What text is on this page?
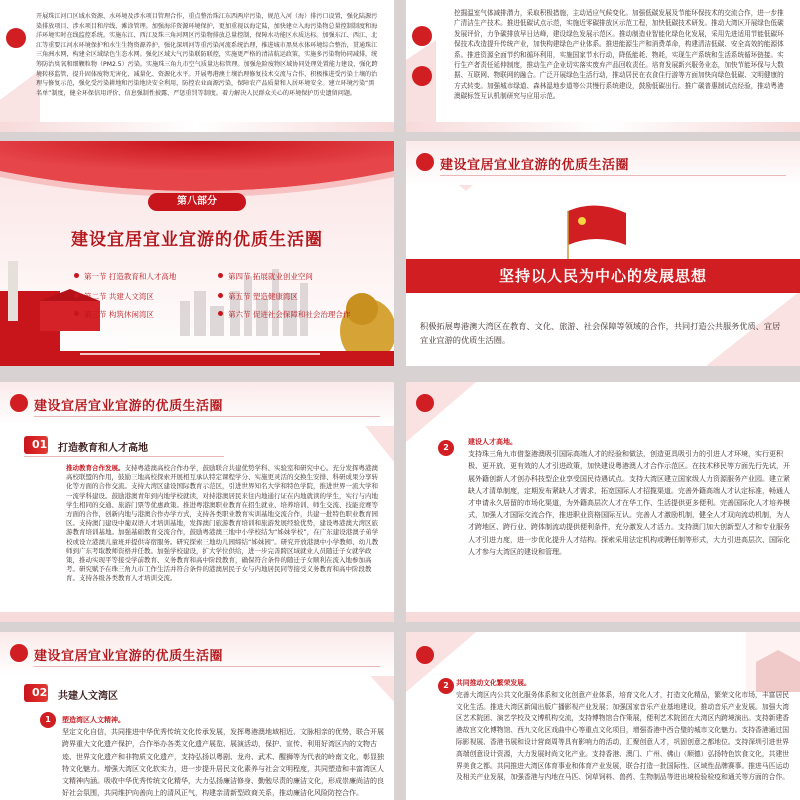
开展珠江河口区域水资源、水环境及涉水项目管理合作，重点整治珠江东西两岸污染，规范入河（海）排污口设置，强化陆源污染排放项目、涉水项目和岸线、滩涂管理。加强海洋资源环境保护，更加重视以海定陆，加快建立入海污染物总量控制制度和海洋环境实时在线监控系统。实施东江、西江及珠三角河网区污染物排放总量控制，保障水功能区水质达标。加强东江、西江、北江等重要江河水环境保护和水生生物资源养护，强化深圳河等重污染河流系统治理，推进城市黑臭水体环境综合整治，贯通珠江三角洲水网，构建全区域绿色生态水网。强化区域大气污染联防联控，实施更严格的清洁航运政策，实施多污染物协同减排，统筹防治臭氧和细颗粒物（PM2.5）污染。实施珠三角九市空气质量达标管理。加强危险废物区域协同处理处置能力建设，强化跨境转移监管，提升固体废物无害化、减量化、资源化水平。开展粤港澳土壤治理修复技术交流与合作，积极推进受污染土壤的治理与修复示范，强化受污染耕地和污染地块安全利用，防控农业面源污染，保障农产品质量和人居环境安全。建立环境污染“黑名单”制度，健全环保信用评价、信息强制性披露、严惩重罚等制度。着力解决人民群众关心的环境保护历史遗留问题。
挖掘温室气体减排潜力，采取积极措施，主动适应气候变化。加强低碳发展及节能环保技术的交流合作，进一步推广清洁生产技术。推进低碳试点示范，实施近零碳排放区示范工程，加快低碳技术研发。推动大湾区开展绿色低碳发展评价，力争碳排放早日达峰，建设绿色发展示范区。推动制造业智能化绿色化发展，采用先进适用节能低碳环保技术改造提升传统产业，加快构建绿色产业体系。推进能源生产和消费革命，构建清洁低碳、安全高效的能源体系。推进资源全面节约和循环利用，实施国家节水行动，降低能耗、物耗，实现生产系统和生活系统循环链接。实行生产者责任延伸制度，推动生产企业切实落实废弃产品回收责任。培育发展新兴服务业态，加快节能环保与大数据、互联网、物联网的融合。广泛开展绿色生活行动，推动居民在衣食住行游等方面加快向绿色低碳、文明健康的方式转变。加强城市绿道、森林湿地步道等公共慢行系统建设，鼓励低碳出行。推广碳普惠制试点经验，推动粤港澳碳标签互认机制研究与应用示范。
第八部分
建设宜居宜业宜游的优质生活圈
第一节 打造教育和人才高地
第二节 共建人文湾区
第三节 构筑休闲湾区
第四节 拓展就业创业空间
第五节 塑造健康湾区
第六节 促进社会保障和社会治理合作
建设宜居宜业宜游的优质生活圈
坚持以人民为中心的发展思想
积极拓展粤港澳大湾区在教育、文化、旅游、社会保障等领域的合作，共同打造公共服务优质、宜居宜业宜游的优质生活圈。
建设宜居宜业宜游的优质生活圈
01 打造教育和人才高地
推动教育合作发展。支持粤港澳高校合作办学，鼓励联合共建优势学科、实验室和研究中心。充分发挥粤港澳高校联盟的作用，鼓励三地高校探索开展相互承认特定课程学分、实施更灵活的交换生安排、科研成果分享转化等方面的合作交流。支持大湾区建设国际教育示范区，引进世界知名大学和特色学院，推进世界一流大学和一流学科建设。鼓励港澳青年到内地学校就读，对持港澳居民来往内地通行证在内地就读的学生，实行与内地学生相同的交通、旅游门票等优惠政策。推进粤港澳职业教育在招生就业、培养培训、师生交流、技能竞赛等方面的合作，创新内地与港澳合作办学方式，支持各类职业教育实训基地交流合作，共建一批特色职业教育园区。支持澳门建设中葡双语人才培训基地，发挥澳门旅游教育培训和旅游发展经验优势，建设粤港澳大湾区旅游教育培训基地。加强基础教育交流合作，鼓励粤港澳三地中小学校结为“姊妹学校”，在广东建设港澳子弟学校或设立港澳儿童班并提供寄宿服务。研究探索三地幼儿园缔结“姊妹园”。研究开放港澳中小学教师、幼儿教师到广东考取教师资格并任教。加强学校建设，扩大学位供给，进一步完善跨区域就业人员随迁子女就学政策，推动实现平等接受学前教育、义务教育和高中阶段教育，确保符合条件的随迁子女顺利在流入地参加高考。研究赋予在珠三角九市工作生活并符合条件的港澳居民子女与内地居民同等接受义务教育和高中阶段教育。支持各级各类教育人才培训交流。
2
建设人才高地。
支持珠三角九市借鉴港澳吸引国际高端人才的经验和做法，创造更具吸引力的引进人才环境，实行更积极、更开放、更有效的人才引进政策，加快建设粤港澳人才合作示范区。在技术移民等方面先行先试，开展外籍创新人才创办科技型企业享受国民待遇试点。支持大湾区建立国家级人力资源服务产业园。建立紧缺人才清单制度，定期发布紧缺人才需求，拓宽国际人才招揽渠道。完善外籍高端人才认定标准，畅通人才申请永久居留的市场化渠道，为外籍高层次人才在华工作、生活提供更多便利。完善国际化人才培养模式，加强人才国际交流合作，推进职业资格国际互认。完善人才激励机制，健全人才双向流动机制，为人才跨地区、跨行业、跨体制流动提供便利条件，充分激发人才活力。支持澳门加大创新型人才和专业服务人才引进力度，进一步优化提升人才结构。探索采用法定机构或聘任制等形式，大力引进高层次、国际化人才参与大湾区的建设和管理。
建设宜居宜业宜游的优质生活圈
02 共建人文湾区
1	塑造湾区人文精神。
坚定文化自信，共同推进中华优秀传统文化传承发展，发挥粤港澳地域相近、文脉相亲的优势，联合开展跨界重大文化遗产保护，合作举办各类文化遗产展览、展演活动，保护、宣传、利用好湾区内的文物古迹、世界文化遗产和非物质文化遗产，支持弘扬以粤剧、龙舟、武术、醒狮等为代表的岭南文化，彰显独特文化魅力。增强大湾区文化软实力，进一步提升居民文化素养与社会文明程度，共同塑造和丰富湾区人文精神内涵。吸收中华优秀传统文化精华，大力弘扬廉洁修身、勤勉尽责的廉洁文化，形成崇廉尚洁的良好社会氛围，共同维护向善向上的清风正气，构建亲清新型政商关系，推动廉洁化风险防控合作。
2	共同推动文化繁荣发展。
完善大湾区内公共文化服务体系和文化创意产业体系，培育文化人才，打造文化精品，繁荣文化市场，丰富居民文化生活。推进大湾区新闻出版广播影视产业发展；加强国家音乐产业基地建设，推动音乐产业发展。加强大湾区艺术院团、演艺学校及文博机构交流，支持博物馆合作策展，便利艺术院团在大湾区内跨境演出。支持新建香港故宫文化博物馆、西九文化区戏曲中心等重点文化项目，增强香港中西合璧的城市文化魅力。支持香港通过国际影视展、香港书展和设计营商周等具有影响力的活动，汇聚创意人才，巩固创意之都地位。支持深圳引进世界高端创意设计资源，大力发展时尚文化产业。支持香港、澳门、广州、佛山（顺德）弘扬特色饮食文化，共建世界美食之都。共同推进大湾区体育事业和体育产业发展，联合打造一批国际性、区域性品牌赛事。推进马匹运动及相关产业发展，加强香港与内地在马匹、饲草饲料、兽药、生物制品等进出境检验检疫和通关等方面的合作。
